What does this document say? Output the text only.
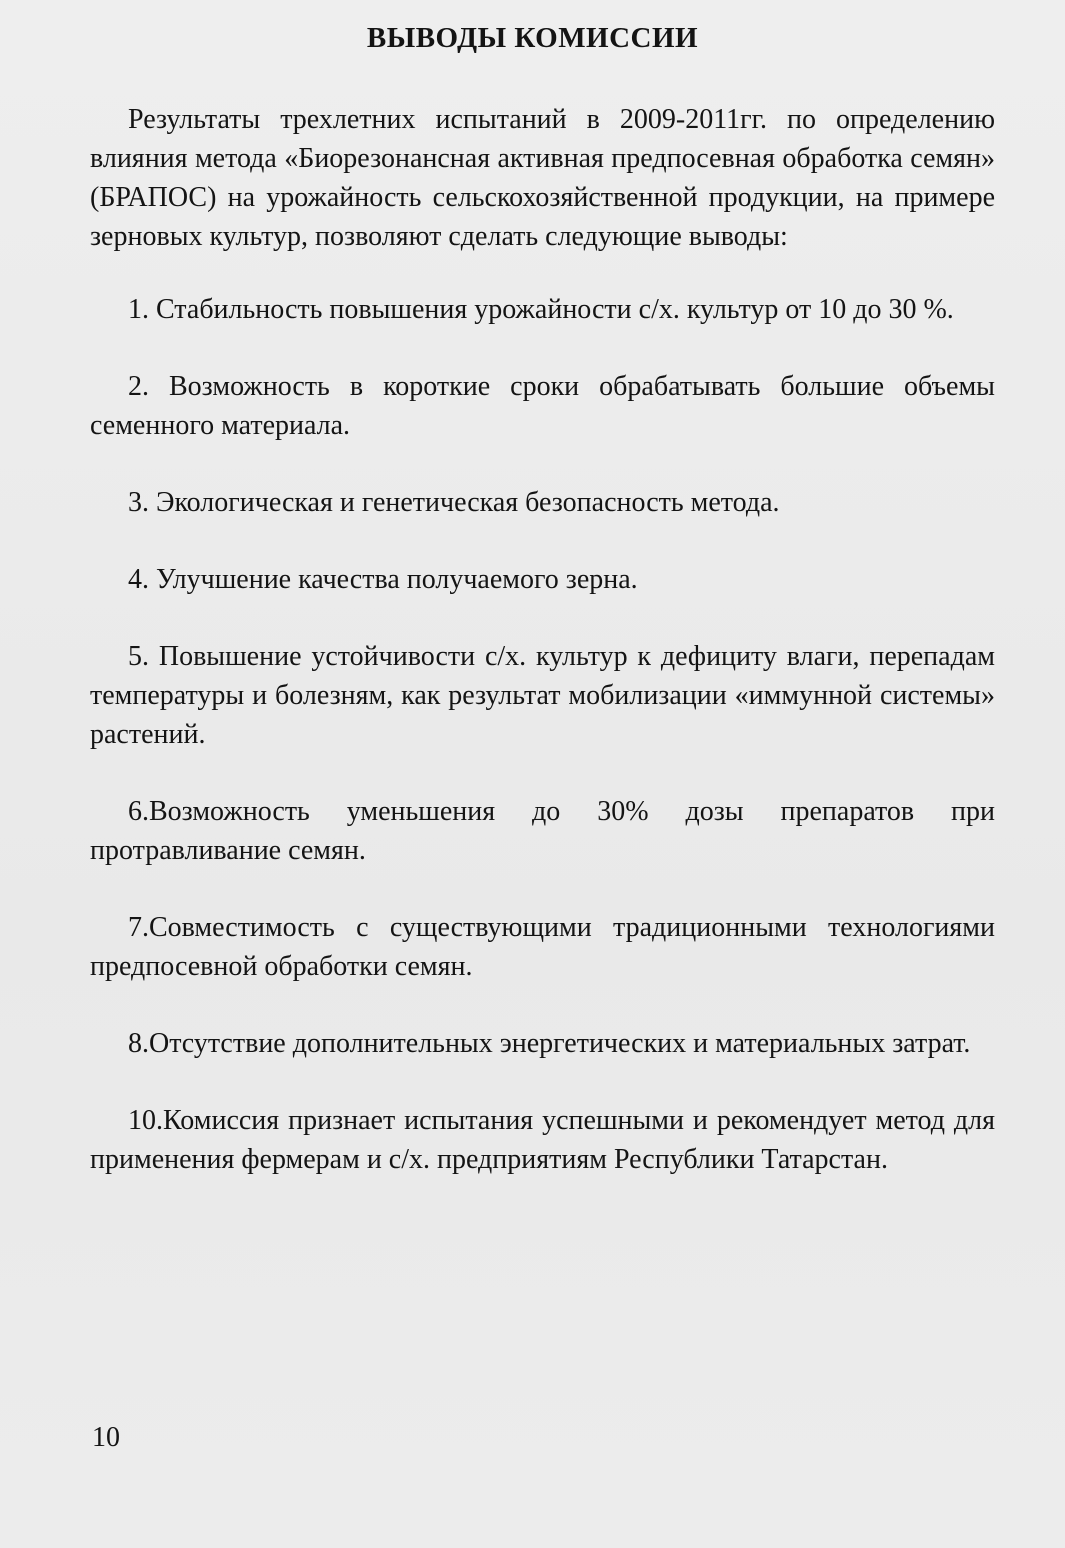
ВЫВОДЫ КОМИССИИ

Результаты трехлетних испытаний в 2009-2011гг. по определению влияния метода «Биорезонансная активная предпосевная обработка семян» (БРАПОС) на урожайность сельскохозяйственной продукции, на примере зерновых культур, позволяют сделать следующие выводы:

1. Стабильность повышения урожайности с/х. культур от 10 до 30 %.

2. Возможность в короткие сроки обрабатывать большие объемы семенного материала.

3. Экологическая и генетическая безопасность метода.

4. Улучшение качества получаемого зерна.

5. Повышение устойчивости с/х. культур к дефициту влаги, перепадам температуры и болезням, как результат мобилизации «иммунной системы» растений.

6.Возможность уменьшения до 30% дозы препаратов при протравливание семян.

7.Совместимость с существующими традиционными технологиями предпосевной обработки семян.

8.Отсутствие дополнительных энергетических и материальных затрат.

10.Комиссия признает испытания успешными и рекомендует метод для применения фермерам и с/х. предприятиям Республики Татарстан.

10
